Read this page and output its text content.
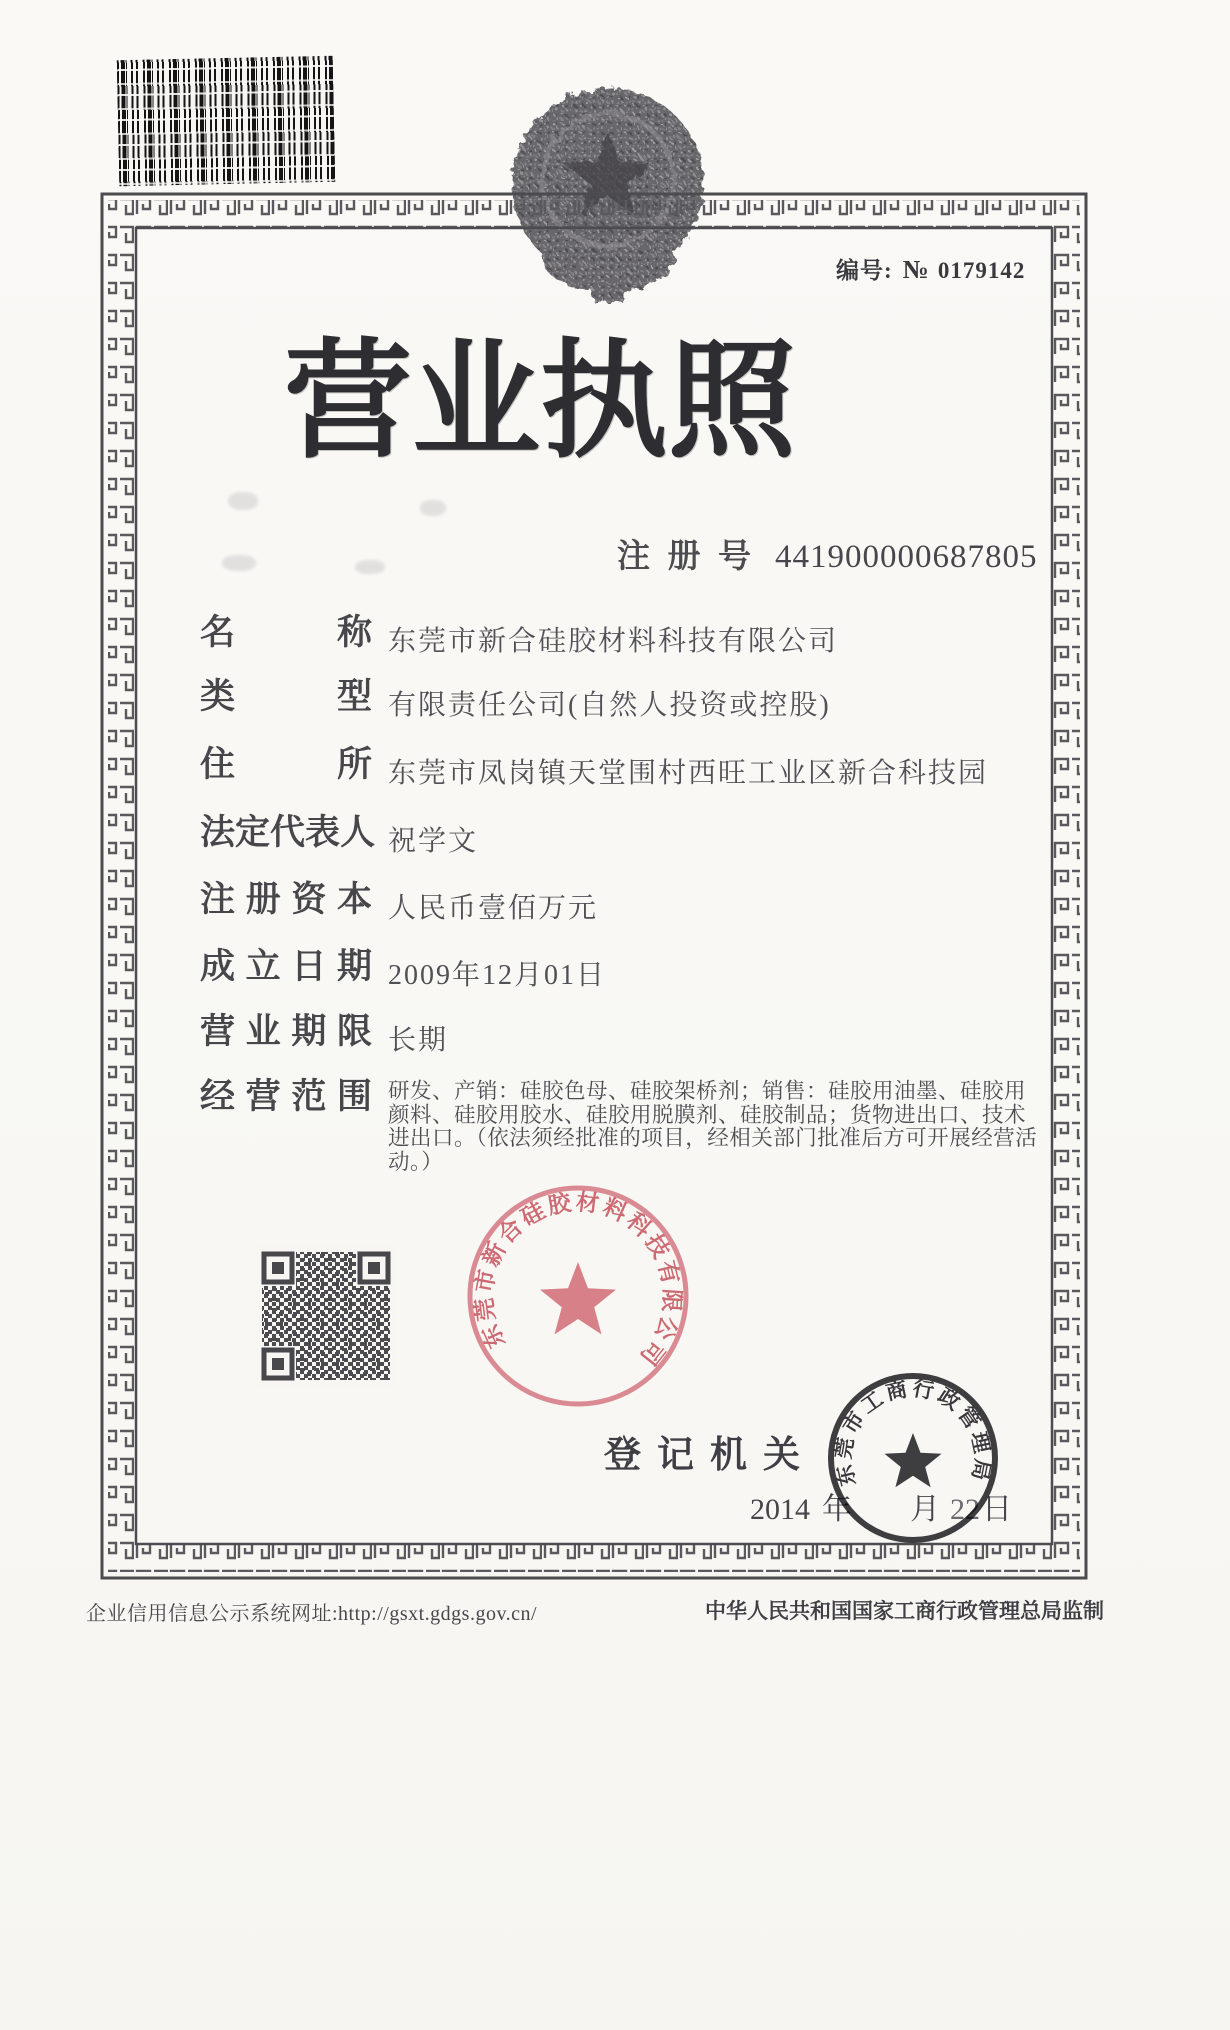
编号: № 0179142
营 业 执 照
注 册 号 441900000687805
名	称 东莞市新合硅胶材料科技有限公司
类	型 有限责任公司(自然人投资或控股)
住	所 东莞市凤岗镇天堂围村西旺工业区新合科技园
法 定 代 表 人 祝学文
注 册 资 本 人民币壹佰万元
成 立 日 期 2009年12月01日
营 业 期 限 长期
经 营 范 围 研发、产销：硅胶色母、硅胶架桥剂；销售：硅胶用油墨、硅胶用颜料、硅胶用胶水、硅胶用脱膜剂、硅胶制品；货物进出口、技术进出口。（依法须经批准的项目，经相关部门批准后方可开展经营活动。）
东莞市新合硅胶材料科技有限公司
登 记 机 关
2014 年 月 22 日
东莞市工商行政管理局
企业信用信息公示系统网址:http://gsxt.gdgs.gov.cn/	中华人民共和国国家工商行政管理总局监制
